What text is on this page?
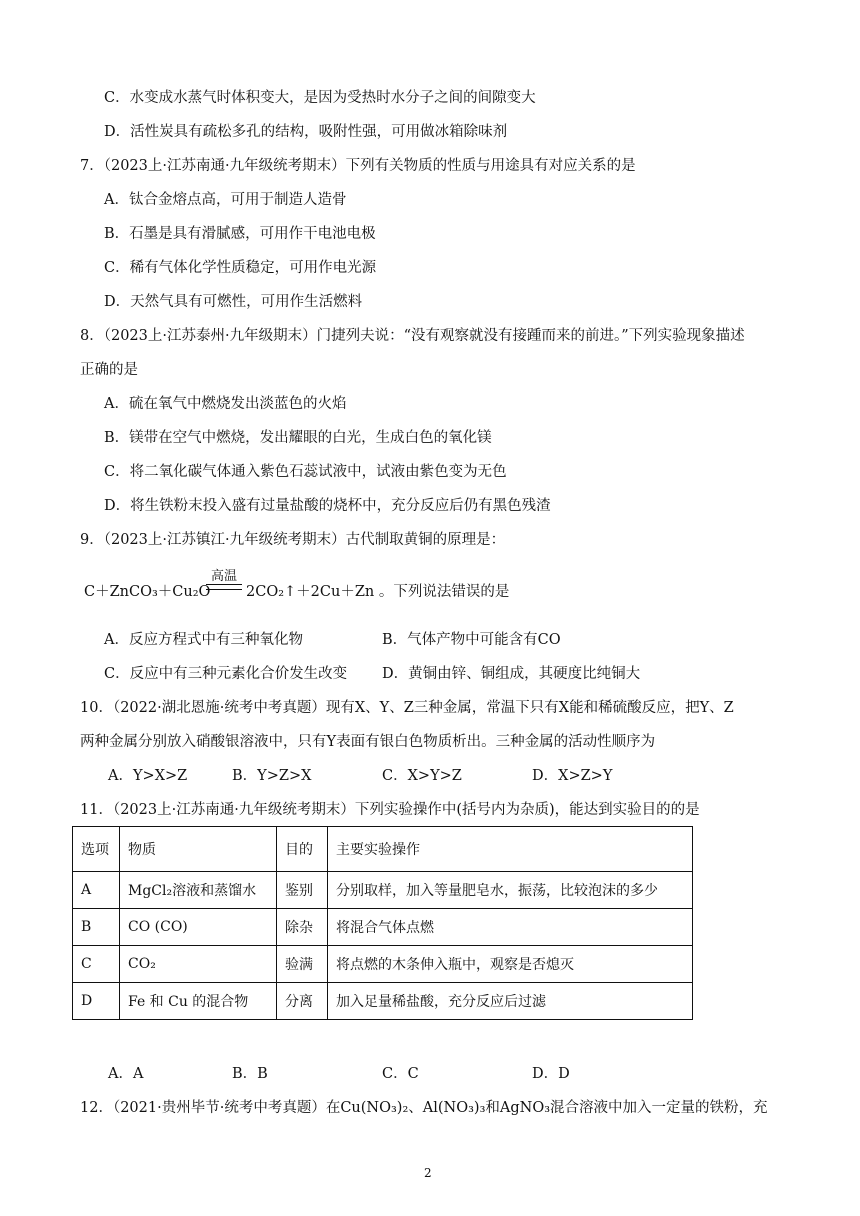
C．水变成水蒸气时体积变大，是因为受热时水分子之间的间隙变大
D．活性炭具有疏松多孔的结构，吸附性强，可用做冰箱除味剂
7．（2023上·江苏南通·九年级统考期末）下列有关物质的性质与用途具有对应关系的是
A．钛合金熔点高，可用于制造人造骨
B．石墨是具有滑腻感，可用作干电池电极
C．稀有气体化学性质稳定，可用作电光源
D．天然气具有可燃性，可用作生活燃料
8．（2023上·江苏泰州·九年级期末）门捷列夫说：“没有观察就没有接踵而来的前进。”下列实验现象描述
正确的是
A．硫在氧气中燃烧发出淡蓝色的火焰
B．镁带在空气中燃烧，发出耀眼的白光，生成白色的氧化镁
C．将二氧化碳气体通入紫色石蕊试液中，试液由紫色变为无色
D．将生铁粉末投入盛有过量盐酸的烧杯中，充分反应后仍有黑色残渣
9．（2023上·江苏镇江·九年级统考期末）古代制取黄铜的原理是：
C＋ZnCO₃＋Cu₂O
高温
2CO₂↑＋2Cu＋Zn 。下列说法错误的是
A．反应方程式中有三种氧化物	B．气体产物中可能含有CO
C．反应中有三种元素化合价发生改变 D．黄铜由锌、铜组成，其硬度比纯铜大
10．（2022·湖北恩施·统考中考真题）现有X、Y、Z三种金属，常温下只有X能和稀硫酸反应，把Y、Z
两种金属分别放入硝酸银溶液中，只有Y表面有银白色物质析出。三种金属的活动性顺序为
A．Y>X>Z	B．Y>Z>X	C．X>Y>Z	D．X>Z>Y
11．（2023上·江苏南通·九年级统考期末）下列实验操作中(括号内为杂质)，能达到实验目的的是
选项	物质	目的	主要实验操作
A	MgCl₂溶液和蒸馏水	鉴别	分别取样，加入等量肥皂水，振荡，比较泡沫的多少
B	CO (CO)	除杂	将混合气体点燃
C	CO₂	验满	将点燃的木条伸入瓶中，观察是否熄灭
D	Fe 和 Cu 的混合物	分离	加入足量稀盐酸，充分反应后过滤
A．A	B．B	C．C	D．D
12．（2021·贵州毕节·统考中考真题）在Cu(NO₃)₂、Al(NO₃)₃和AgNO₃混合溶液中加入一定量的铁粉，充
2
